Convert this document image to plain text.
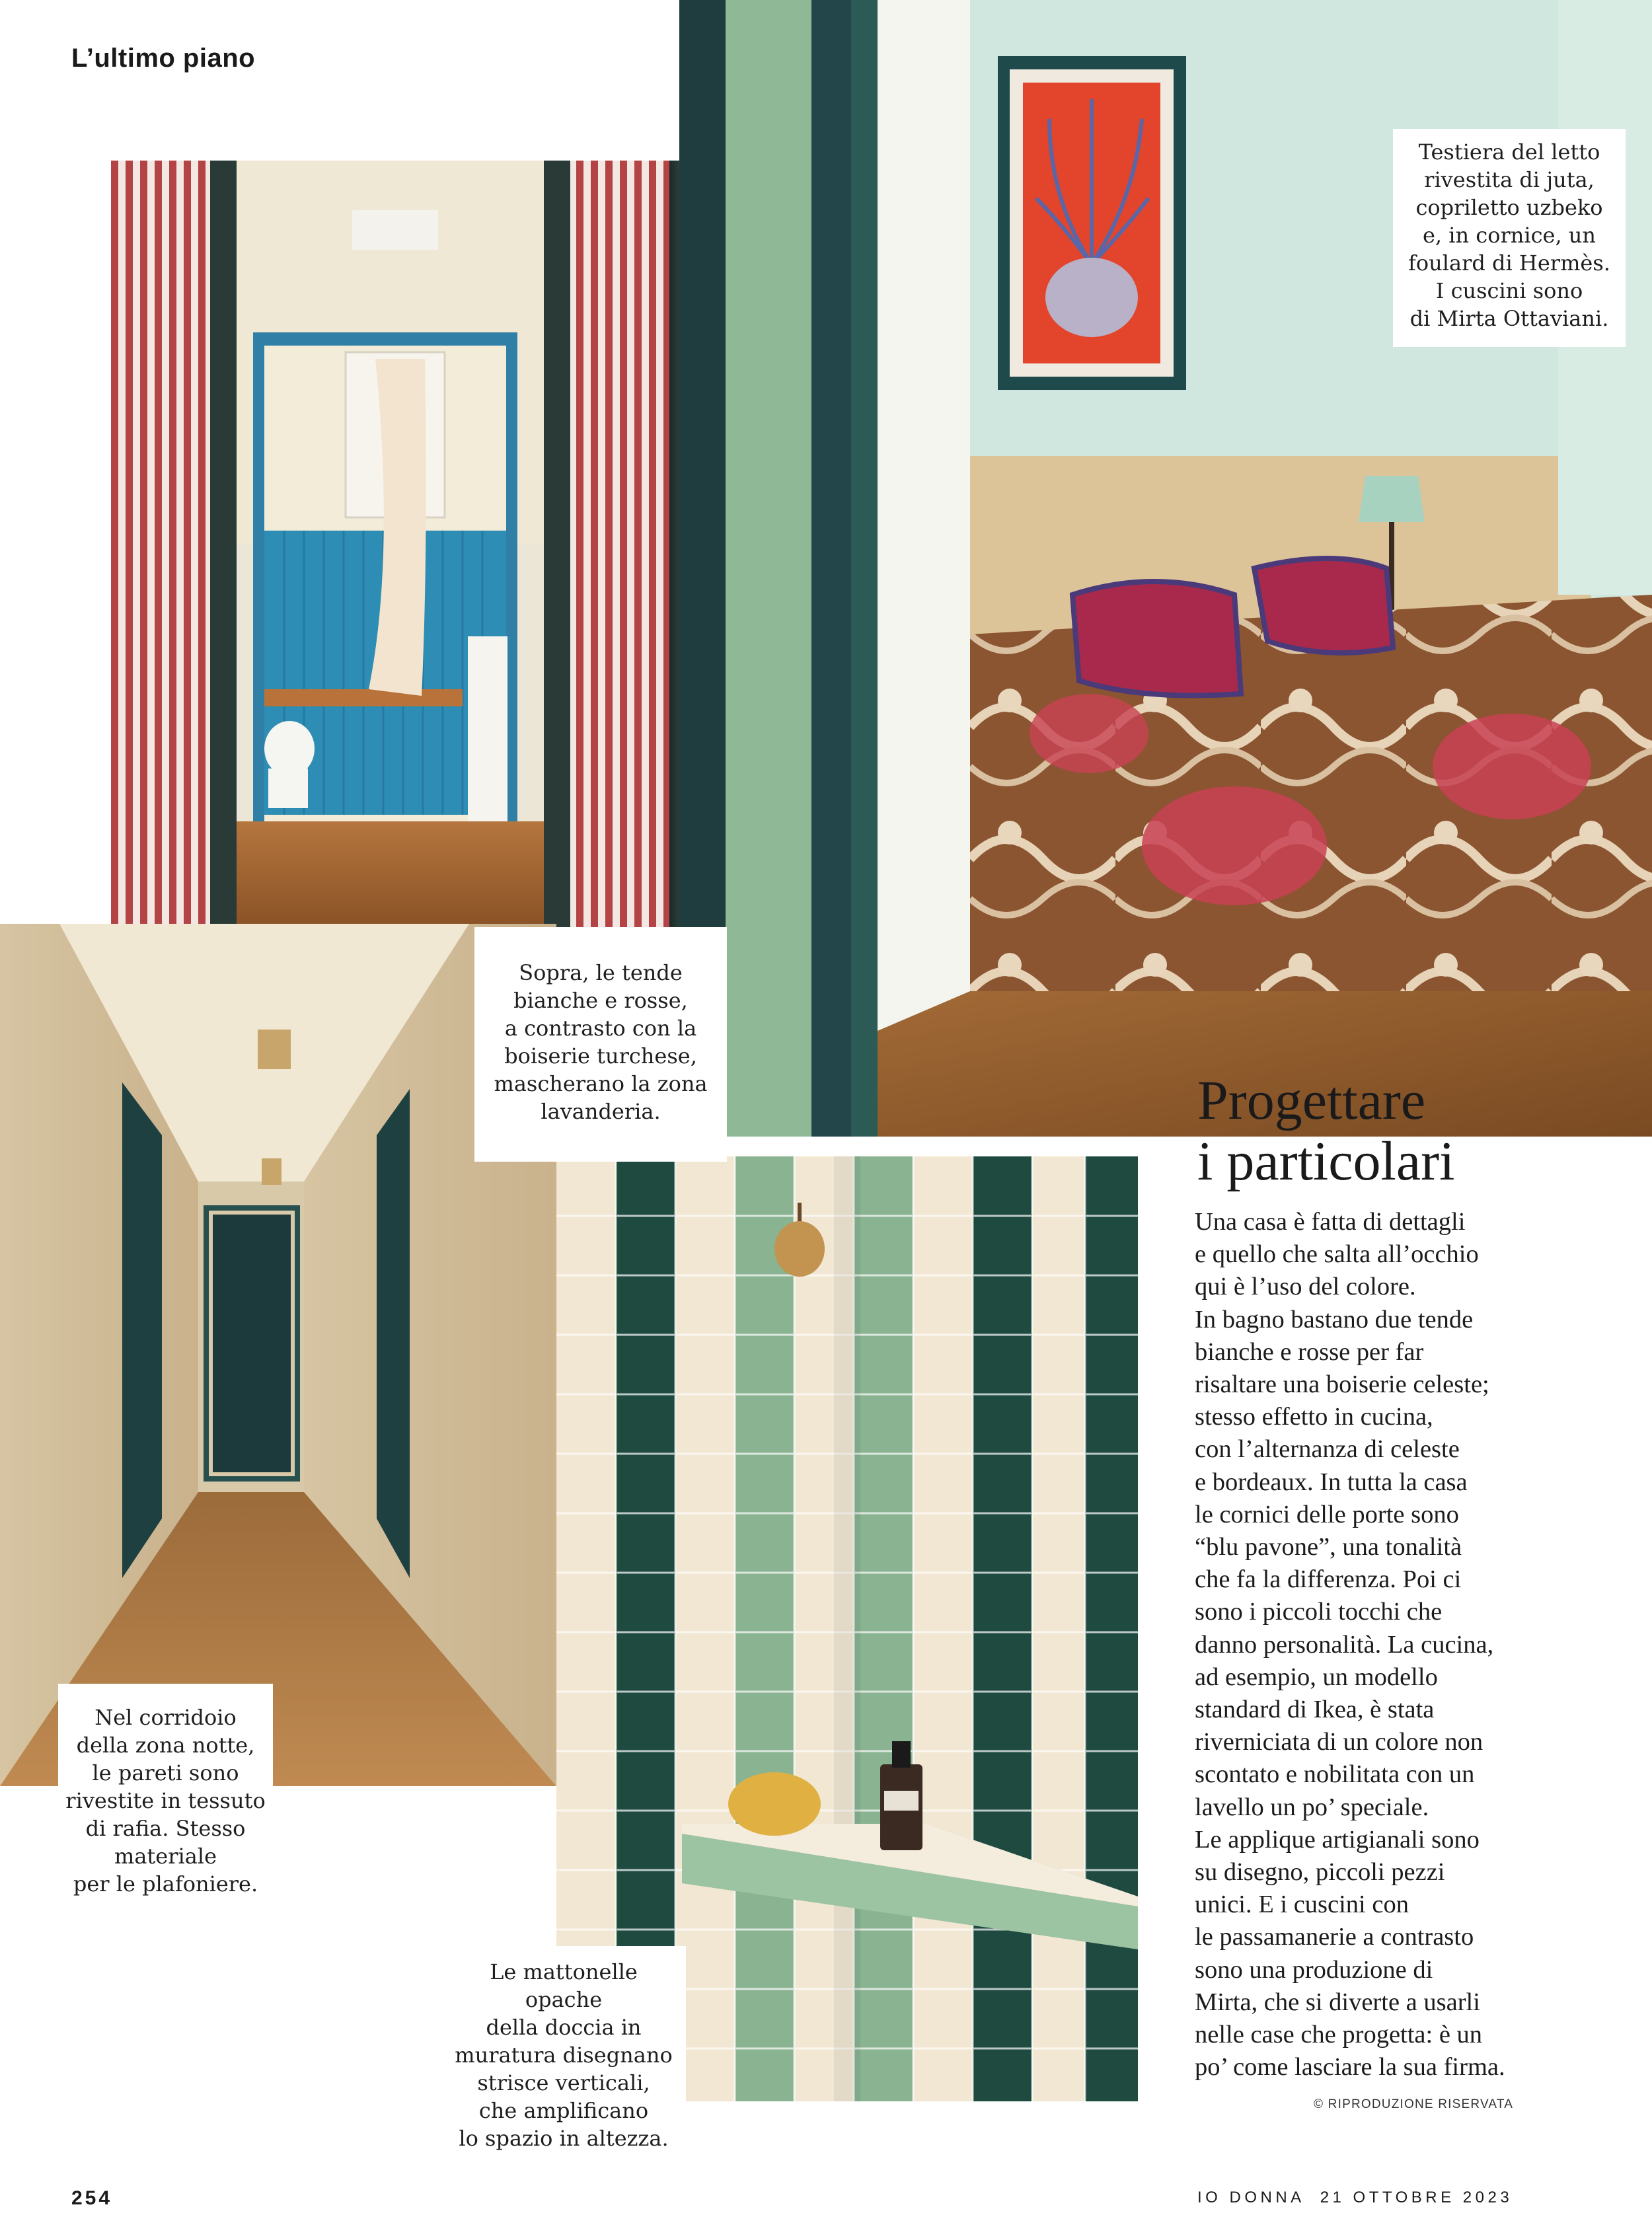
L’ultimo piano
Testiera del letto
rivestita di juta,
copriletto uzbeko
e, in cornice, un
foulard di Hermès.
I cuscini sono
di Mirta Ottaviani.
Sopra, le tende
bianche e rosse,
a contrasto con la
boiserie turchese,
mascherano la zona
lavanderia.
Nel corridoio
della zona notte,
le pareti sono
rivestite in tessuto
di rafia. Stesso
materiale
per le plafoniere.
Le mattonelle
opache
della doccia in
muratura disegnano
strisce verticali,
che amplificano
lo spazio in altezza.
Progettare
i particolari
Una casa è fatta di dettagli
e quello che salta all’occhio
qui è l’uso del colore.
In bagno bastano due tende
bianche e rosse per far
risaltare una boiserie celeste;
stesso effetto in cucina,
con l’alternanza di celeste
e bordeaux. In tutta la casa
le cornici delle porte sono
“blu pavone”, una tonalità
che fa la differenza. Poi ci
sono i piccoli tocchi che
danno personalità. La cucina,
ad esempio, un modello
standard di Ikea, è stata
riverniciata di un colore non
scontato e nobilitata con un
lavello un po’ speciale.
Le applique artigianali sono
su disegno, piccoli pezzi
unici. E i cuscini con
le passamanerie a contrasto
sono una produzione di
Mirta, che si diverte a usarli
nelle case che progetta: è un
po’ come lasciare la sua firma.
© RIPRODUZIONE RISERVATA
254	IO DONNA  21 OTTOBRE 2023
